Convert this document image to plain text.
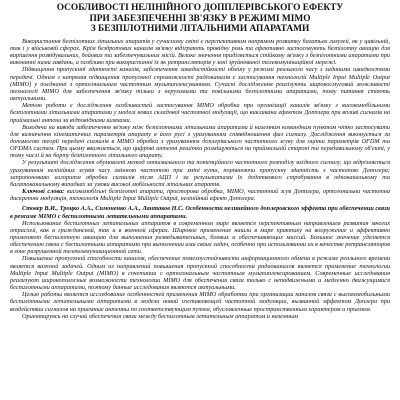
ОСОБЛИВОСТІ НЕЛІНІЙНОГО ДОППЛЕРІВСЬКОГО ЕФЕКТУ
ПРИ ЗАБЕЗПЕЧЕННІ ЗВ'ЯЗКУ В РЕЖИМІ MIMO
З БЕЗПІЛОТНИМИ ЛІТАЛЬНИМИ АПАРАТАМИ

Використання безпілотних літальних апаратів у сучасному світі є перспективним напрямом розвитку багатьох галузей, як у цивільній, так і у військовій сферах. Крім бездротових каналів зв'язку відіграють провідну роль та ефективно застосовують безпілотну авіацію для вирішення розвідувальних, бойових та забезпечувальних місій. Велике значення приділяється стійкому зв'язку з безпілотними апаратами при виконанні ними завдань, а особливо при використанні їх як ретрансляторів у зоні зруйнованої телекомунікаційної мережі.

Підвищення пропускної здатності каналів, забезпечення завадостійкості обміну у режимі реального часу з заданими швидкостями передачі. Одним з напрямів підвищення пропускної спроможності радіоканалів є застосування технологій Multiple Input Multiple Output (MIMO) у поєднанні з ортогональним частотним мультиплексуванням. Сучасні дослідження реалізують широкосмуговий можливості технології MIMO для забезпечення зв'язку тільки з нерухомими та повільними безпілотними апаратами, тому питання стають актуальними.

Метою роботи є дослідження особливостей застосування MIMO обробки при організації каналів зв'язку з високомобільними безпілотними літальними апаратами у моделі нових складової частотної модуляції, що викликана ефектом Допплера при впливі сигналів на приймальні антени за відповідними шляхами.

Виходячи на виводи забезпечення зв'язку між безпілотними літальними апаратами й наземним командним пунктом чітко застосувати для визначення кінематичних параметрів апарату в його русі з урахуванням співвідношення фаз сигналу. Дослідження виконується за допомогою теорії передачі сигналів в MIMO обробки з урахуванням доплерівського частотного зсуву для оцінки параметрів OFDM та OFDMA систем. При цьому вважається, що цифрові антенні решітки розміщуються на приймальній стороні та передавальному об'єкті, у тому числі й на борту безпілотного літального апарату.

У результаті дослідження обумовлені метод оптимального та потенційного частотного розподілу вхідного сигналу, що відрізняється урахуванням нелінійних зсувів часу змінною частотою при зміні кута, порівнюючи пропускну здатність з частотою Допплера; запропоновано алгоритм обробки сигналів після АЦП і за результатами їх додаткового стробування в одноканальному та багатоканальному випадках за умови високої мобільності літальних апаратів.

Ключові слова: високомобільні безпілотні апарати, просторова обробка, MIMO, частотний зсув Допплера, ортогональна частотна дискретна модуляція, технологія Multiple Input Multiple Output, нелінійний ефект Допплера.

Стовер В.И., Троцко А.А., Симоненко А.А., Лантаков Н.С. Особенности нелинейного доплеровского эффекта при обеспечении связи в режиме MIMO с беспилотными летательными аппаратами.

Использование беспилотных летательных аппаратов в современном мире является перспективным направлением развития многих отраслей, как в гражданской, так и в военной сферах. Широкое применение нашли в мире практику на вооружение и эффективно применяют беспилотную авиацию для выполнения разведывательных, боевых и обеспечивающих миссий. Большое значение уделяется обеспечению связи с беспилотными аппаратами при выполнении ими своих задач, особенно при использовании их в качестве ретрансляторов в зоне разрушенной телекоммуникационной сети.

Повышение пропускной способности каналов, обеспечение помехоустойчивости информационного обмена в режиме реального времени является важной задачей. Одним из направлений повышения пропускной способности радиоканалов является применение технологии Multiple Input Multiple Output (MIMO) в сочетании с ортогональным частотным мультиплексированием. Современные исследования реализуют широкополосные возможности технологии MIMO для обеспечения связи только с неподвижными и медленно движущимися беспилотными аппаратами, поэтому данные исследования являются актуальными.

Целью работы является исследование особенностей применения MIMO обработки при организации каналов связи с высокомобильными беспилотными летательными аппаратами в модели новой составляющей частотной модуляции, вызванной эффектом Доплера при воздействии сигналов на приемные антенны по соответствующим путям, обусловленные пространственным характером и приемом.

Ориентируясь на случай обеспечения связи между беспилотным летательным аппаратом и наземным
